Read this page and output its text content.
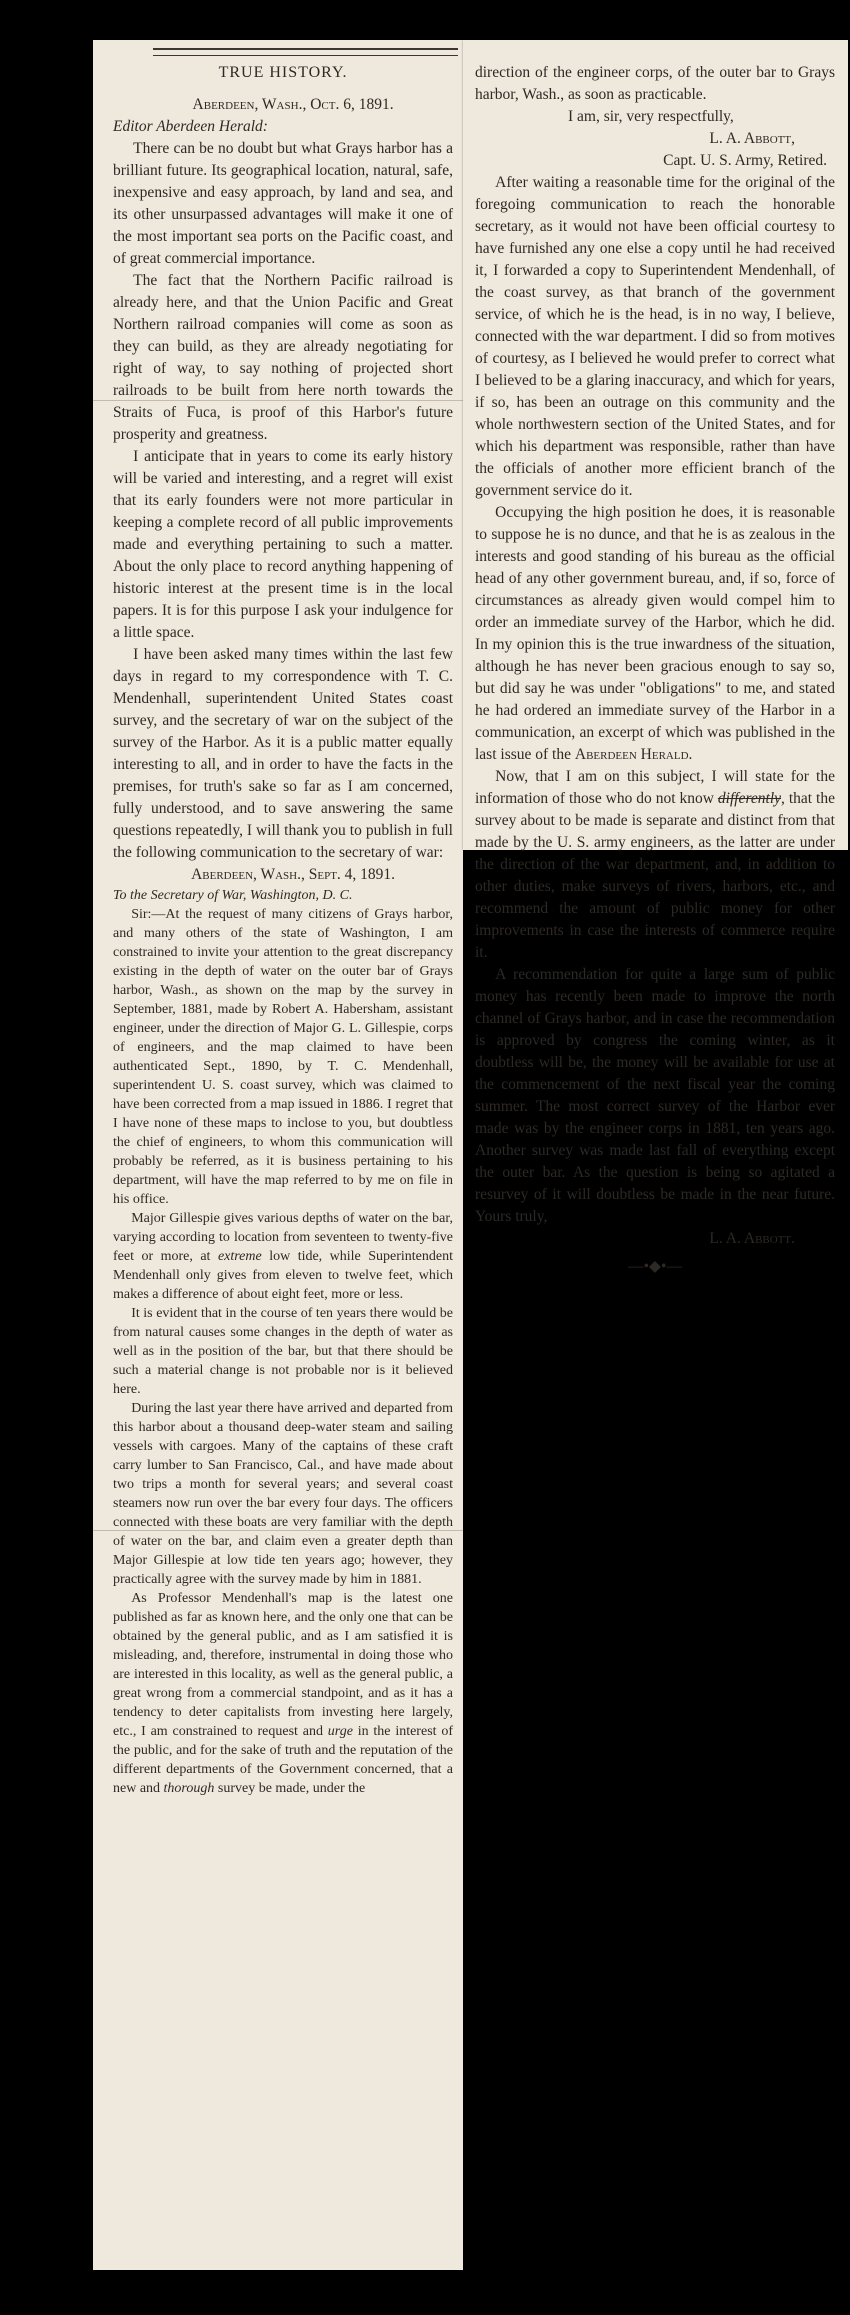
TRUE HISTORY.

Aberdeen, Wash., Oct. 6, 1891.

Editor Aberdeen Herald:

There can be no doubt but what Grays harbor has a brilliant future. Its geographical location, natural, safe, inexpensive and easy approach, by land and sea, and its other unsurpassed advantages will make it one of the most important sea ports on the Pacific coast, and of great commercial importance.

The fact that the Northern Pacific railroad is already here, and that the Union Pacific and Great Northern railroad companies will come as soon as they can build, as they are already negotiating for right of way, to say nothing of projected short railroads to be built from here north towards the Straits of Fuca, is proof of this Harbor's future prosperity and greatness.

I anticipate that in years to come its early history will be varied and interesting, and a regret will exist that its early founders were not more particular in keeping a complete record of all public improvements made and everything pertaining to such a matter. About the only place to record anything happening of historic interest at the present time is in the local papers. It is for this purpose I ask your indulgence for a little space.

I have been asked many times within the last few days in regard to my correspondence with T. C. Mendenhall, superintendent United States coast survey, and the secretary of war on the subject of the survey of the Harbor. As it is a public matter equally interesting to all, and in order to have the facts in the premises, for truth's sake so far as I am concerned, fully understood, and to save answering the same questions repeatedly, I will thank you to publish in full the following communication to the secretary of war:

Aberdeen, Wash., Sept. 4, 1891.

To the Secretary of War, Washington, D. C.

Sir:—At the request of many citizens of Grays harbor, and many others of the state of Washington, I am constrained to invite your attention to the great discrepancy existing in the depth of water on the outer bar of Grays harbor, Wash., as shown on the map by the survey in September, 1881, made by Robert A. Habersham, assistant engineer, under the direction of Major G. L. Gillespie, corps of engineers, and the map claimed to have been authenticated Sept., 1890, by T. C. Mendenhall, superintendent U. S. coast survey, which was claimed to have been corrected from a map issued in 1886. I regret that I have none of these maps to inclose to you, but doubtless the chief of engineers, to whom this communication will probably be referred, as it is business pertaining to his department, will have the map referred to by me on file in his office.

Major Gillespie gives various depths of water on the bar, varying according to location from seventeen to twenty-five feet or more, at extreme low tide, while Superintendent Mendenhall only gives from eleven to twelve feet, which makes a difference of about eight feet, more or less.

It is evident that in the course of ten years there would be from natural causes some changes in the depth of water as well as in the position of the bar, but that there should be such a material change is not probable nor is it believed here.

During the last year there have arrived and departed from this harbor about a thousand deep-water steam and sailing vessels with cargoes. Many of the captains of these craft carry lumber to San Francisco, Cal., and have made about two trips a month for several years; and several coast steamers now run over the bar every four days. The officers connected with these boats are very familiar with the depth of water on the bar, and claim even a greater depth than Major Gillespie at low tide ten years ago; however, they practically agree with the survey made by him in 1881.

As Professor Mendenhall's map is the latest one published as far as known here, and the only one that can be obtained by the general public, and as I am satisfied it is misleading, and, therefore, instrumental in doing those who are interested in this locality, as well as the general public, a great wrong from a commercial standpoint, and as it has a tendency to deter capitalists from investing here largely, etc., I am constrained to request and urge in the interest of the public, and for the sake of truth and the reputation of the different departments of the Government concerned, that a new and thorough survey be made, under the

direction of the engineer corps, of the outer bar to Grays harbor, Wash., as soon as practicable.

I am, sir, very respectfully,

L. A. Abbott,

Capt. U. S. Army, Retired.

After waiting a reasonable time for the original of the foregoing communication to reach the honorable secretary, as it would not have been official courtesy to have furnished any one else a copy until he had received it, I forwarded a copy to Superintendent Mendenhall, of the coast survey, as that branch of the government service, of which he is the head, is in no way, I believe, connected with the war department. I did so from motives of courtesy, as I believed he would prefer to correct what I believed to be a glaring inaccuracy, and which for years, if so, has been an outrage on this community and the whole northwestern section of the United States, and for which his department was responsible, rather than have the officials of another more efficient branch of the government service do it.

Occupying the high position he does, it is reasonable to suppose he is no dunce, and that he is as zealous in the interests and good standing of his bureau as the official head of any other government bureau, and, if so, force of circumstances as already given would compel him to order an immediate survey of the Harbor, which he did. In my opinion this is the true inwardness of the situation, although he has never been gracious enough to say so, but did say he was under "obligations" to me, and stated he had ordered an immediate survey of the Harbor in a communication, an excerpt of which was published in the last issue of the Aberdeen Herald.

Now, that I am on this subject, I will state for the information of those who do not know differently, that the survey about to be made is separate and distinct from that made by the U. S. army engineers, as the latter are under the direction of the war department, and, in addition to other duties, make surveys of rivers, harbors, etc., and recommend the amount of public money for other improvements in case the interests of commerce require it.

A recommendation for quite a large sum of public money has recently been made to improve the north channel of Grays harbor, and in case the recommendation is approved by congress the coming winter, as it doubtless will be, the money will be available for use at the commencement of the next fiscal year the coming summer. The most correct survey of the Harbor ever made was by the engineer corps in 1881, ten years ago. Another survey was made last fall of everything except the outer bar. As the question is being so agitated a resurvey of it will doubtless be made in the near future. Yours truly,

L. A. Abbott.

—•◆•—
